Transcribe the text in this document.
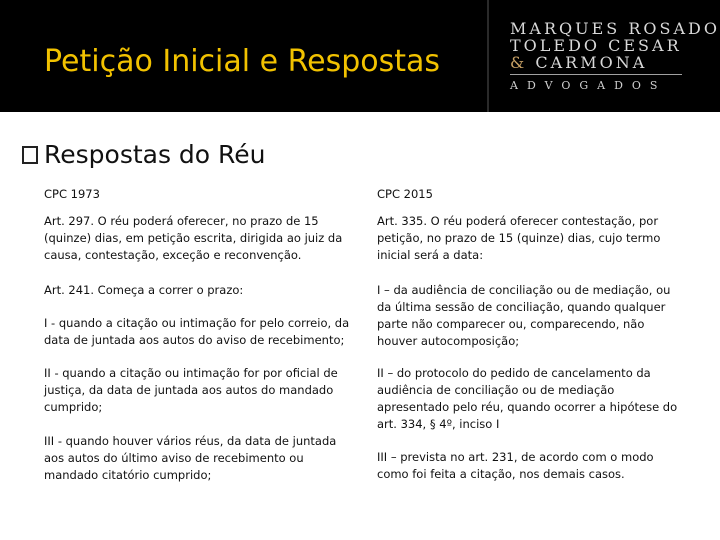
Petição Inicial e Respostas
MARQUES ROSADO
TOLEDO CESAR
& CARMONA
ADVOGADOS
Respostas do Réu
CPC 1973	CPC 2015
Art. 297. O réu poderá oferecer, no prazo de 15 (quinze) dias, em petição escrita, dirigida ao juiz da causa, contestação, exceção e reconvenção.
Art. 335. O réu poderá oferecer contestação, por petição, no prazo de 15 (quinze) dias, cujo termo inicial será a data:
Art. 241. Começa a correr o prazo:	I – da audiência de conciliação ou de mediação, ou da última sessão de conciliação, quando qualquer parte não comparecer ou, comparecendo, não houver autocomposição;
I - quando a citação ou intimação for pelo correio, da data de juntada aos autos do aviso de recebimento;
II - quando a citação ou intimação for por oficial de justiça, da data de juntada aos autos do mandado cumprido;
II – do protocolo do pedido de cancelamento da audiência de conciliação ou de mediação apresentado pelo réu, quando ocorrer a hipótese do art. 334, § 4º, inciso I
III - quando houver vários réus, da data de juntada aos autos do último aviso de recebimento ou mandado citatório cumprido;
III – prevista no art. 231, de acordo com o modo como foi feita a citação, nos demais casos.
